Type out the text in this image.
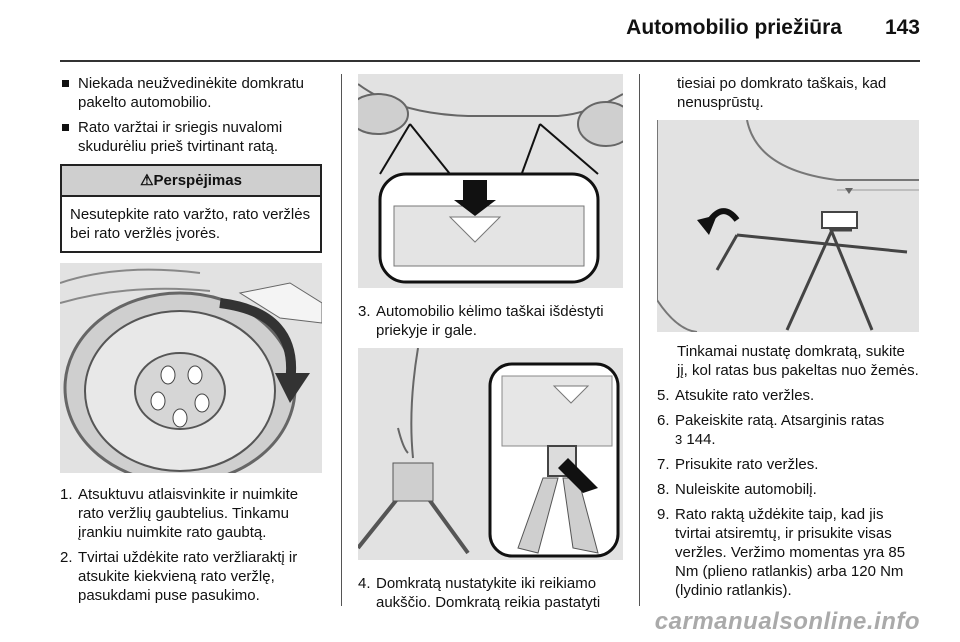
Automobilio priežiūra 143
Niekada neužvedinėkite domkratu pakelto automobilio.
Rato varžtai ir sriegis nuvalomi skudurėliu prieš tvirtinant ratą.
⚠Perspėjimas
Nesutepkite rato varžto, rato veržlės bei rato veržlės įvorės.
1. Atsuktuvu atlaisvinkite ir nuimkite rato veržlių gaubtelius. Tinkamu įrankiu nuimkite rato gaubtą.
2. Tvirtai uždėkite rato veržliaraktį ir atsukite kiekvieną rato veržlę, pasukdami puse pasukimo.
3. Automobilio kėlimo taškai išdėstyti priekyje ir gale.
4. Domkratą nustatykite iki reikiamo aukščio. Domkratą reikia pastatyti
tiesiai po domkrato taškais, kad nenusprūstų.
Tinkamai nustatę domkratą, sukite jį, kol ratas bus pakeltas nuo žemės.
5. Atsukite rato veržles.
6. Pakeiskite ratą. Atsarginis ratas
3 144.
7. Prisukite rato veržles.
8. Nuleiskite automobilį.
9. Rato raktą uždėkite taip, kad jis tvirtai atsiremtų, ir prisukite visas veržles. Veržimo momentas yra 85 Nm (plieno ratlankis) arba 120 Nm (lydinio ratlankis).
carmanualsonline.info
